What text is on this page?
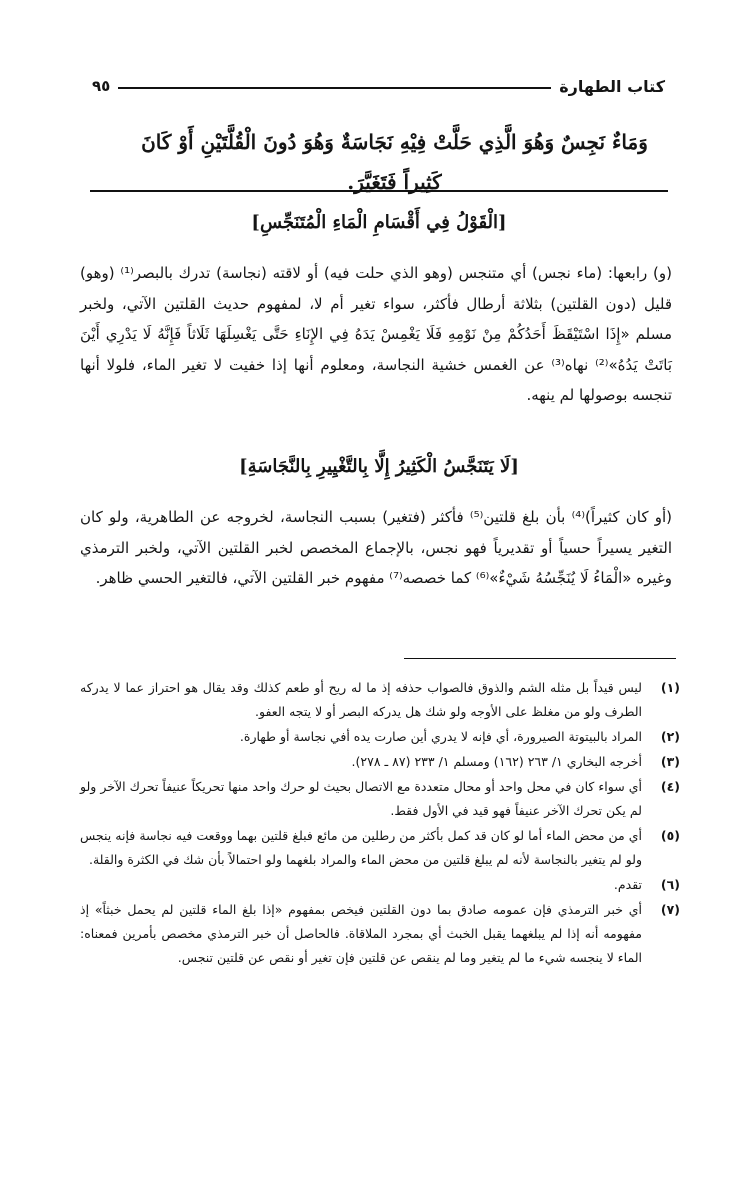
كتاب الطهارة
٩٥
وَمَاءٌ نَجِسٌ وَهُوَ الَّذِي حَلَّتْ فِيْهِ نَجَاسَةٌ وَهُوَ دُونَ الْقُلَّتَيْنِ أَوْ كَانَ كَثِيراً فَتَغَيَّرَ.
[الْقَوْلُ فِي أَقْسَامِ الْمَاءِ الْمُتَنَجِّسِ]
(و) رابعها: (ماء نجس) أي متنجس (وهو الذي حلت فيه) أو لاقته (نجاسة) تدرك بالبصر⁽¹⁾ (وهو) قليل (دون القلتين) بثلاثة أرطال فأكثر، سواء تغير أم لا، لمفهوم حديث القلتين الآتي، ولخبر مسلم «إِذَا اسْتَيْقَظَ أَحَدُكُمْ مِنْ نَوْمِهِ فَلَا يَغْمِسْ يَدَهُ فِي الإِنَاءِ حَتَّى يَغْسِلَهَا ثَلَاثاً فَإِنَّهُ لَا يَدْرِي أَيْنَ بَاتَتْ يَدُهُ»⁽²⁾ نهاه⁽³⁾ عن الغمس خشية النجاسة، ومعلوم أنها إذا خفيت لا تغير الماء، فلولا أنها تنجسه بوصولها لم ينهه.
[لَا يَتَنَجَّسُ الْكَثِيرُ إِلَّا بِالتَّغْيِيرِ بِالنَّجَاسَةِ]
(أو كان كثيراً)⁽⁴⁾ بأن بلغ قلتين⁽⁵⁾ فأكثر (فتغير) بسبب النجاسة، لخروجه عن الطاهرية، ولو كان التغير يسيراً حسياً أو تقديرياً فهو نجس، بالإجماع المخصص لخبر القلتين الآتي، ولخبر الترمذي وغيره «الْمَاءُ لَا يُنَجِّسُهُ شَيْءٌ»⁽⁶⁾ كما خصصه⁽⁷⁾ مفهوم خبر القلتين الآتي، فالتغير الحسي ظاهر.
(١)
ليس قيداً بل مثله الشم والذوق فالصواب حذفه إذ ما له ريح أو طعم كذلك وقد يقال هو احتراز عما لا يدركه الطرف ولو من مغلظ على الأوجه ولو شك هل يدركه البصر أو لا يتجه العفو.
(٢)
المراد بالبيتوتة الصيرورة، أي فإنه لا يدري أين صارت يده أفي نجاسة أو طهارة.
(٣)
أخرجه البخاري ١/ ٢٦٣ (١٦٢) ومسلم ١/ ٢٣٣ (٨٧ ـ ٢٧٨).
(٤)
أي سواء كان في محل واحد أو محال متعددة مع الاتصال بحيث لو حرك واحد منها تحريكاً عنيفاً تحرك الآخر ولو لم يكن تحرك الآخر عنيفاً فهو قيد في الأول فقط.
(٥)
أي من محض الماء أما لو كان قد كمل بأكثر من رطلين من مائع فبلغ قلتين بهما ووقعت فيه نجاسة فإنه ينجس ولو لم يتغير بالنجاسة لأنه لم يبلغ قلتين من محض الماء والمراد بلغهما ولو احتمالاً بأن شك في الكثرة والقلة.
(٦)
تقدم.
(٧)
أي خبر الترمذي فإن عمومه صادق بما دون القلتين فيخص بمفهوم «إذا بلغ الماء قلتين لم يحمل خبثاً» إذ مفهومه أنه إذا لم يبلغهما يقبل الخبث أي بمجرد الملاقاة. فالحاصل أن خبر الترمذي مخصص بأمرين فمعناه: الماء لا ينجسه شيء ما لم يتغير وما لم ينقص عن قلتين فإن تغير أو نقص عن قلتين تنجس.
